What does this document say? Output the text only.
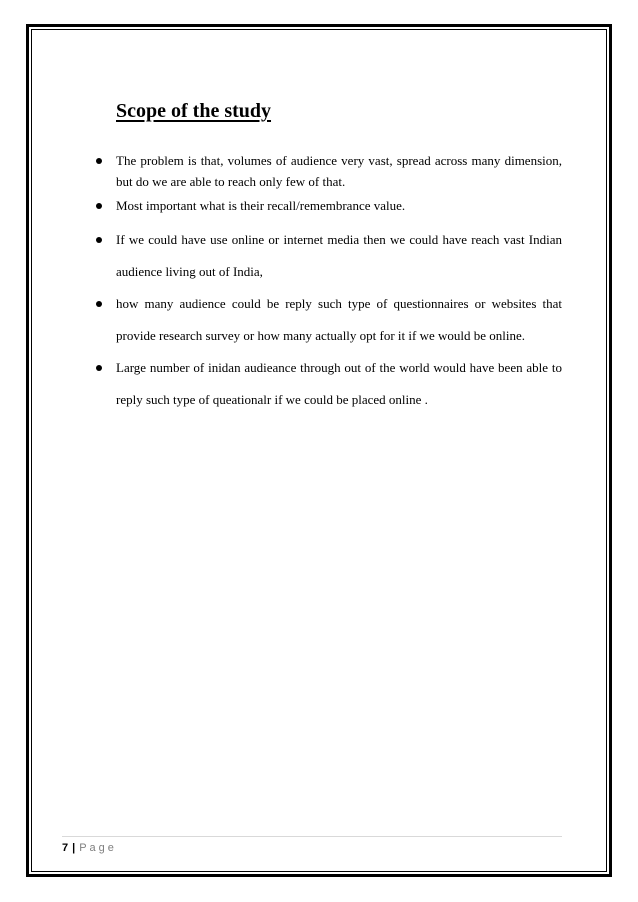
Scope of the study
The problem is that, volumes of audience very vast, spread across many dimension, but do we are able to reach only few of that.
Most important what is their recall/remembrance value.
If we could have use online or internet media then we could have reach vast Indian audience living out of India,
how many audience could be reply such type of questionnaires or websites that provide research survey or how many actually opt for it if we would be online.
Large number of inidan audieance through out of the world would have been able to reply such type of queationalr if we could be placed online .
7 | Page
